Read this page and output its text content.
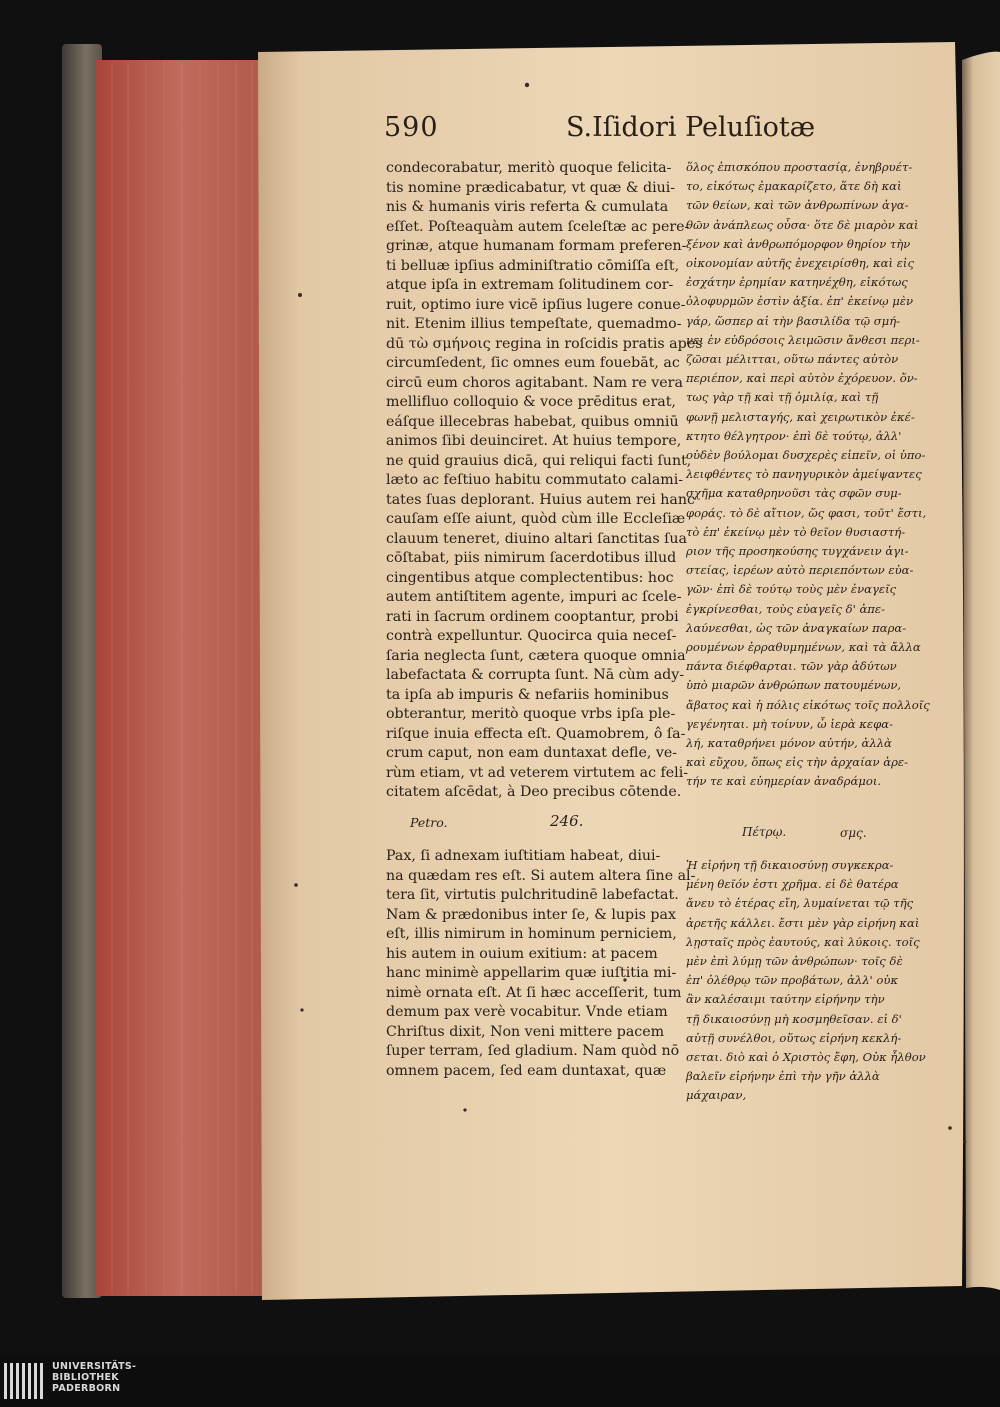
590	S.Iſidori Peluſiotæ
condecorabatur, meritò quoque felicita-
tis nomine prædicabatur, vt quæ & diui-
nis & humanis viris referta & cumulata
eſſet. Poſteaquàm autem ſceleſtæ ac pere-
grinæ, atque humanam formam preferen-
ti belluæ ipſius adminiſtratio cōmiſſa eſt,
atque ipſa in extremam ſolitudinem cor-
ruit, optimo iure vicē ipſius lugere conue-
nit. Etenim illius tempeſtate, quemadmo-
dū τὼ σμήνοις regina in roſcidis pratis apes
circumſedent, ſic omnes eum fouebāt, ac
circū eum choros agitabant. Nam re vera
mellifluo colloquio & voce prēditus erat,
eáſque illecebras habebat, quibus omniū
animos ſibi deuinciret. At huius tempore,
ne quid grauius dicā, qui reliqui facti ſunt,
læto ac feſtiuo habitu commutato calami-
tates ſuas deplorant. Huius autem rei hanc
cauſam eſſe aiunt, quòd cùm ille Eccleſiæ
clauum teneret, diuino altari ſanctitas ſua
cōſtabat, piis nimirum ſacerdotibus illud
cingentibus atque complectentibus: hoc
autem antiſtitem agente, impuri ac ſcele-
rati in ſacrum ordinem cooptantur, probi
contrà expelluntur. Quocirca quia neceſ-
ſaria neglecta ſunt, cætera quoque omnia
labefactata & corrupta ſunt. Nā cùm ady-
ta ipſa ab impuris & nefariis hominibus
obterantur, meritò quoque vrbs ipſa ple-
riſque inuia effecta eſt. Quamobrem, ô ſa-
crum caput, non eam duntaxat defle, ve-
rùm etiam, vt ad veterem virtutem ac feli-
citatem aſcēdat, à Deo precibus cōtende.
ὅλος ἐπισκόπου προστασίᾳ, ἐνηβρυέτ-
το, εἰκότως ἐμακαρίζετο, ἅτε δὴ καὶ
τῶν θείων, καὶ τῶν ἀνθρωπίνων ἀγα-
θῶν ἀνάπλεως οὖσα· ὅτε δὲ μιαρὸν καὶ
ξένον καὶ ἀνθρωπόμορφον θηρίον τὴν
οἰκονομίαν αὐτῆς ἐνεχειρίσθη, καὶ εἰς
ἐσχάτην ἐρημίαν κατηνέχθη, εἰκότως
ὀλοφυρμῶν ἐστὶν ἀξία. ἐπ' ἐκείνῳ μὲν
γάρ, ὥσπερ αἱ τὴν βασιλίδα τῷ σμή-
νει ἐν εὐδρόσοις λειμῶσιν ἄνθεσι περι-
ζῶσαι μέλιτται, οὕτω πάντες αὐτὸν
περιέπον, καὶ περὶ αὐτὸν ἐχόρευον. ὄν-
τως γὰρ τῇ καὶ τῇ ὁμιλίᾳ, καὶ τῇ
φωνῇ μελισταγής, καὶ χειρωτικὸν ἐκέ-
κτητο θέλγητρον· ἐπὶ δὲ τούτῳ, ἀλλ'
οὐδὲν βούλομαι δυσχερὲς εἰπεῖν, οἱ ὑπο-
λειφθέντες τὸ πανηγυρικὸν ἀμείψαντες
σχῆμα καταθρηνοῦσι τὰς σφῶν συμ-
φοράς. τὸ δὲ αἴτιον, ὥς φασι, τοῦτ' ἔστι,
τὸ ἐπ' ἐκείνῳ μὲν τὸ θεῖον θυσιαστή-
ριον τῆς προσηκούσης τυγχάνειν ἁγι-
στείας, ἱερέων αὐτὸ περιεπόντων εὐα-
γῶν· ἐπὶ δὲ τούτῳ τοὺς μὲν ἐναγεῖς
ἐγκρίνεσθαι, τοὺς εὐαγεῖς δ' ἀπε-
λαύνεσθαι, ὡς τῶν ἀναγκαίων παρα-
ρουμένων ἐρραθυμημένων, καὶ τὰ ἄλλα
πάντα διέφθαρται. τῶν γὰρ ἀδύτων
ὑπὸ μιαρῶν ἀνθρώπων πατουμένων,
ἄβατος καὶ ἡ πόλις εἰκότως τοῖς πολλοῖς
γεγένηται. μὴ τοίνυν, ὦ ἱερὰ κεφα-
λή, καταθρήνει μόνον αὐτήν, ἀλλὰ
καὶ εὔχου, ὅπως εἰς τὴν ἀρχαίαν ἀρε-
τήν τε καὶ εὐημερίαν ἀναδράμοι.
Petro.	246.
Πέτρῳ.	σμς.
Pax, ſi adnexam iuſtitiam habeat, diui-
na quædam res eſt. Si autem altera ſine al-
tera ſit, virtutis pulchritudinē labefactat.
Nam & prædonibus inter ſe, & lupis pax
eſt, illis nimirum in hominum perniciem,
his autem in ouium exitium: at pacem
hanc minimè appellarim quæ iuſtitia mi-
nimè ornata eſt. At ſi hæc acceſſerit, tum
demum pax verè vocabitur. Vnde etiam
Chriſtus dixit, Non veni mittere pacem
ſuper terram, ſed gladium. Nam quòd nō
omnem pacem, ſed eam duntaxat, quæ
Ἡ εἰρήνη τῇ δικαιοσύνῃ συγκεκρα-
μένη θεῖόν ἐστι χρῆμα. εἰ δὲ θατέρα
ἄνευ τὸ ἑτέρας εἴη, λυμαίνεται τῷ τῆς
ἀρετῆς κάλλει. ἔστι μὲν γὰρ εἰρήνη καὶ
λῃσταῖς πρὸς ἑαυτούς, καὶ λύκοις. τοῖς
μὲν ἐπὶ λύμῃ τῶν ἀνθρώπων· τοῖς δὲ
ἐπ' ὀλέθρῳ τῶν προβάτων, ἀλλ' οὐκ
ἂν καλέσαιμι ταύτην εἰρήνην τὴν
τῇ δικαιοσύνῃ μὴ κοσμηθεῖσαν. εἰ δ'
αὐτῇ συνέλθοι, οὕτως εἰρήνη κεκλή-
σεται. διὸ καὶ ὁ Χριστὸς ἔφη, Οὐκ ἦλθον
βαλεῖν εἰρήνην ἐπὶ τὴν γῆν ἀλλὰ
μάχαιραν,
UNIVERSITÄTS-
BIBLIOTHEK
PADERBORN
